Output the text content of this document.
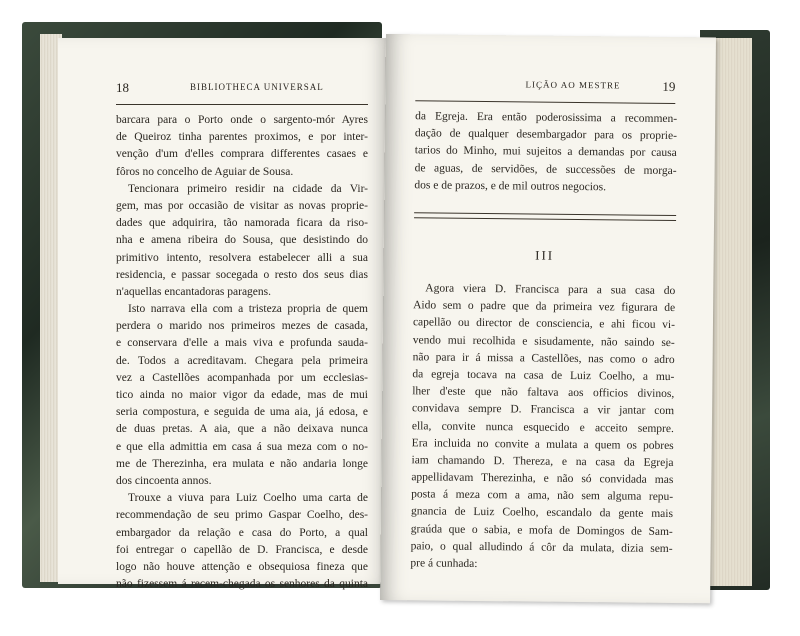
18	BIBLIOTHECA UNIVERSAL
barcara para o Porto onde o sargento-mór Ayres
de Queiroz tinha parentes proximos, e por inter-
venção d'um d'elles comprara differentes casaes e
fôros no concelho de Aguiar de Sousa.
Tencionara primeiro residir na cidade da Vir-
gem, mas por occasião de visitar as novas proprie-
dades que adquirira, tão namorada ficara da riso-
nha e amena ribeira do Sousa, que desistindo do
primitivo intento, resolvera estabelecer alli a sua
residencia, e passar socegada o resto dos seus dias
n'aquellas encantadoras paragens.
Isto narrava ella com a tristeza propria de quem
perdera o marido nos primeiros mezes de casada,
e conservara d'elle a mais viva e profunda sauda-
de. Todos a acreditavam. Chegara pela primeira
vez a Castellões acompanhada por um ecclesias-
tico ainda no maior vigor da edade, mas de mui
seria compostura, e seguida de uma aia, já edosa, e
de duas pretas. A aia, que a não deixava nunca
e que ella admittia em casa á sua meza com o no-
me de Therezinha, era mulata e não andaria longe
dos cincoenta annos.
Trouxe a viuva para Luiz Coelho uma carta de
recommendação de seu primo Gaspar Coelho, des-
embargador da relação e casa do Porto, a qual
foi entregar o capellão de D. Francisca, e desde
logo não houve attenção e obsequiosa fineza que
não fizessem á recem-chegada os senhores da quinta
LIÇÃO AO MESTRE	19
da Egreja. Era então poderosissima a recommen-
dação de qualquer desembargador para os proprie-
tarios do Minho, mui sujeitos a demandas por causa
de aguas, de servidões, de successões de morga-
dos e de prazos, e de mil outros negocios.
III
Agora viera D. Francisca para a sua casa do
Aido sem o padre que da primeira vez figurara de
capellão ou director de consciencia, e ahi ficou vi-
vendo mui recolhida e sisudamente, não saindo se-
não para ir á missa a Castellões, nas como o adro
da egreja tocava na casa de Luiz Coelho, a mu-
lher d'este que não faltava aos officios divinos,
convidava sempre D. Francisca a vir jantar com
ella, convite nunca esquecido e acceito sempre.
Era incluida no convite a mulata a quem os pobres
iam chamando D. Thereza, e na casa da Egreja
appellidavam Therezinha, e não só convidada mas
posta á meza com a ama, não sem alguma repu-
gnancia de Luiz Coelho, escandalo da gente mais
graúda que o sabia, e mofa de Domingos de Sam-
paio, o qual alludindo á côr da mulata, dizia sem-
pre á cunhada:
